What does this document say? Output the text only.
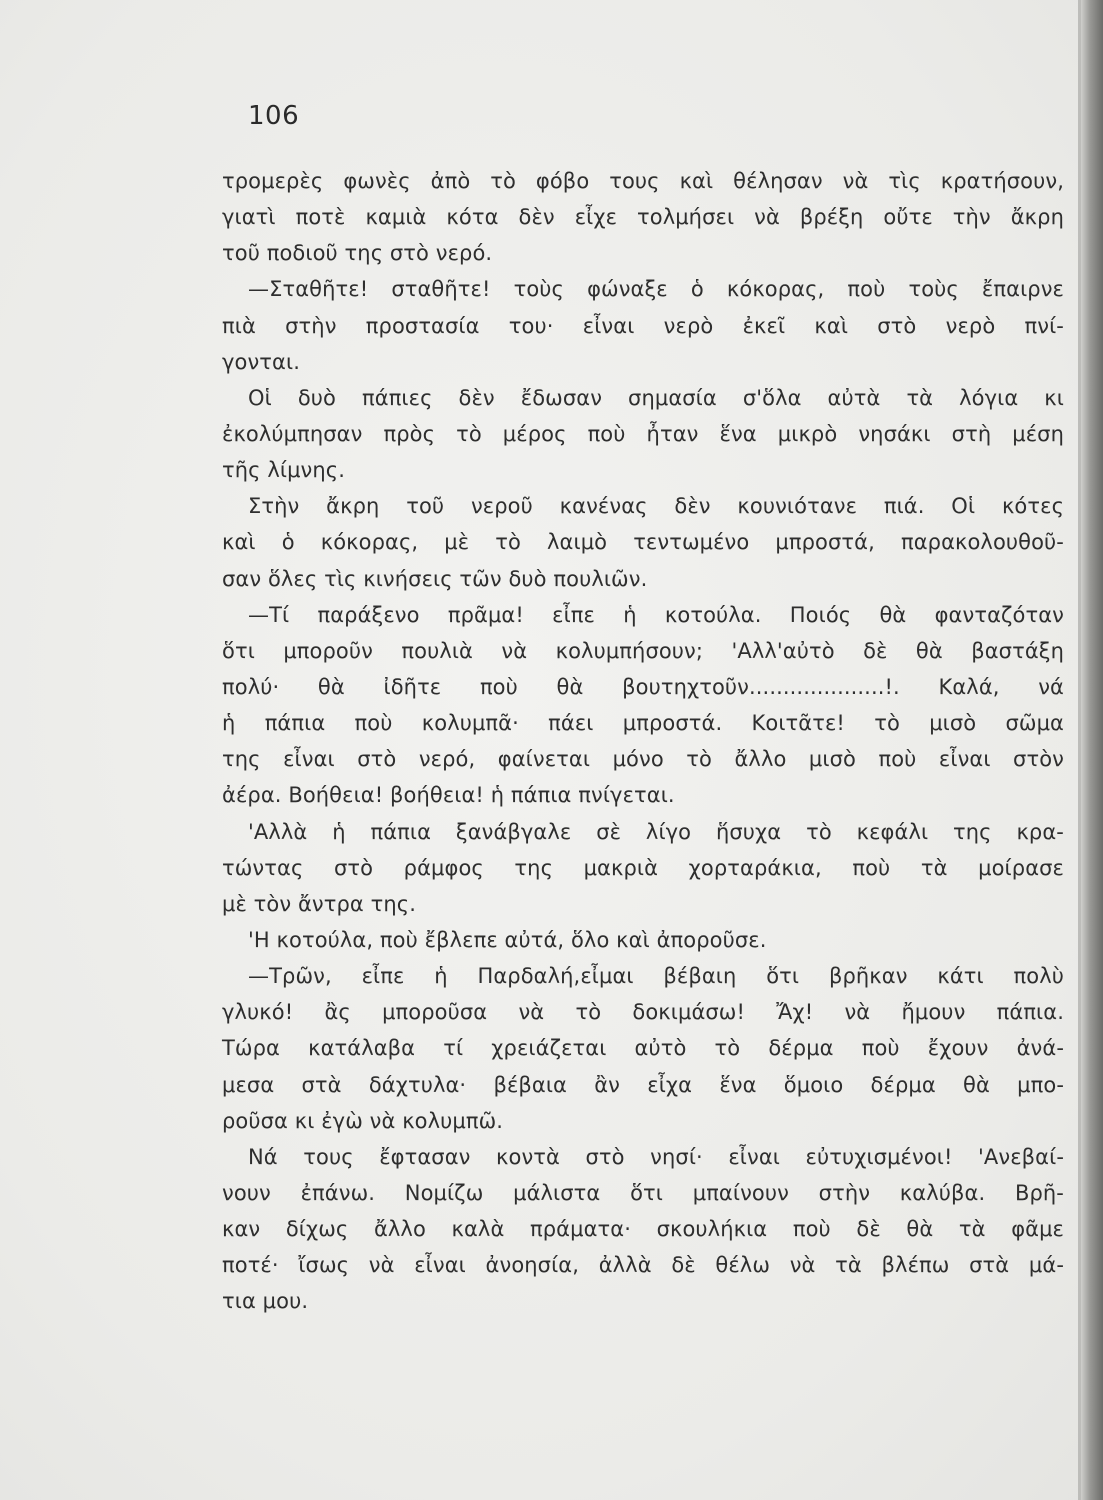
106
τρομερὲς φωνὲς ἀπὸ τὸ φόβο τους καὶ θέλησαν νὰ τὶς κρατήσουν,
γιατὶ ποτὲ καμιὰ κότα δὲν εἶχε τολμήσει νὰ βρέξη οὔτε τὴν ἄκρη
τοῦ ποδιοῦ της στὸ νερό.
—Σταθῆτε! σταθῆτε! τοὺς φώναξε ὁ κόκορας, ποὺ τοὺς ἔπαιρνε
πιὰ στὴν προστασία του· εἶναι νερὸ ἐκεῖ καὶ στὸ νερὸ πνί-
γονται.
Οἱ δυὸ πάπιες δὲν ἔδωσαν σημασία σ'ὅλα αὐτὰ τὰ λόγια κι
ἐκολύμπησαν πρὸς τὸ μέρος ποὺ ἦταν ἕνα μικρὸ νησάκι στὴ μέση
τῆς λίμνης.
Στὴν ἄκρη τοῦ νεροῦ κανένας δὲν κουνιότανε πιά. Οἱ κότες
καὶ ὁ κόκορας, μὲ τὸ λαιμὸ τεντωμένο μπροστά, παρακολουθοῦ-
σαν ὅλες τὶς κινήσεις τῶν δυὸ πουλιῶν.
—Τί παράξενο πρᾶμα! εἶπε ἡ κοτούλα. Ποιός θὰ φανταζόταν
ὅτι μποροῦν πουλιὰ νὰ κολυμπήσουν; 'Αλλ'αὐτὸ δὲ θὰ βαστάξη
πολύ· θὰ ἰδῆτε ποὺ θὰ βουτηχτοῦν....................!. Καλά, νά
ἡ πάπια ποὺ κολυμπᾶ· πάει μπροστά. Κοιτᾶτε! τὸ μισὸ σῶμα
της εἶναι στὸ νερό, φαίνεται μόνο τὸ ἄλλο μισὸ ποὺ εἶναι στὸν
ἀέρα. Βοήθεια! βοήθεια! ἡ πάπια πνίγεται.
'Αλλὰ ἡ πάπια ξανάβγαλε σὲ λίγο ἥσυχα τὸ κεφάλι της κρα-
τώντας στὸ ράμφος της μακριὰ χορταράκια, ποὺ τὰ μοίρασε
μὲ τὸν ἄντρα της.
'Η κοτούλα, ποὺ ἔβλεπε αὐτά, ὅλο καὶ ἀποροῦσε.
—Τρῶν, εἶπε ἡ Παρδαλή,εἶμαι βέβαιη ὅτι βρῆκαν κάτι πολὺ
γλυκό! ἂς μποροῦσα νὰ τὸ δοκιμάσω! Ἄχ! νὰ ἤμουν πάπια.
Τώρα κατάλαβα τί χρειάζεται αὐτὸ τὸ δέρμα ποὺ ἔχουν ἀνά-
μεσα στὰ δάχτυλα· βέβαια ἂν εἶχα ἕνα ὅμοιο δέρμα θὰ μπο-
ροῦσα κι ἐγὼ νὰ κολυμπῶ.
Νά τους ἔφτασαν κοντὰ στὸ νησί· εἶναι εὐτυχισμένοι! 'Ανεβαί-
νουν ἐπάνω. Νομίζω μάλιστα ὅτι μπαίνουν στὴν καλύβα. Βρῆ-
καν δίχως ἄλλο καλὰ πράματα· σκουλήκια ποὺ δὲ θὰ τὰ φᾶμε
ποτέ· ἴσως νὰ εἶναι ἀνοησία, ἀλλὰ δὲ θέλω νὰ τὰ βλέπω στὰ μά-
τια μου.
